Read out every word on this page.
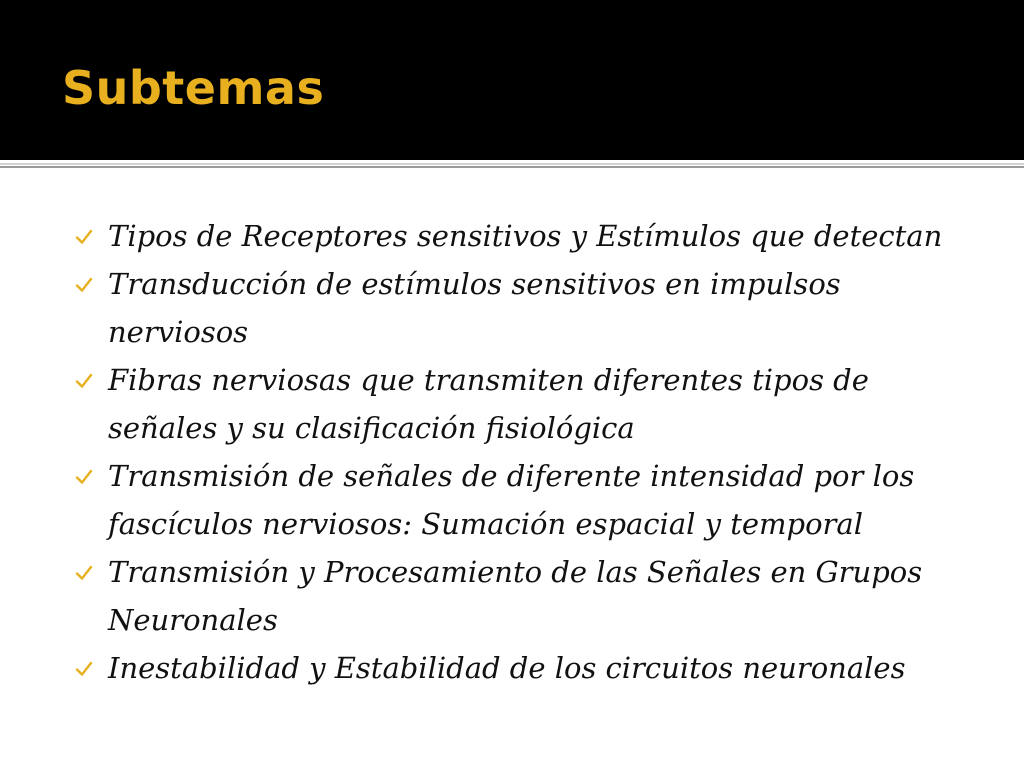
Subtemas
Tipos de Receptores sensitivos y Estímulos que detectan
Transducción de estímulos sensitivos en impulsos nerviosos
Fibras nerviosas que transmiten diferentes tipos de señales y su clasificación fisiológica
Transmisión de señales de diferente intensidad por los fascículos nerviosos: Sumación espacial y temporal
Transmisión y Procesamiento de las Señales en Grupos Neuronales
Inestabilidad y Estabilidad de los circuitos neuronales
